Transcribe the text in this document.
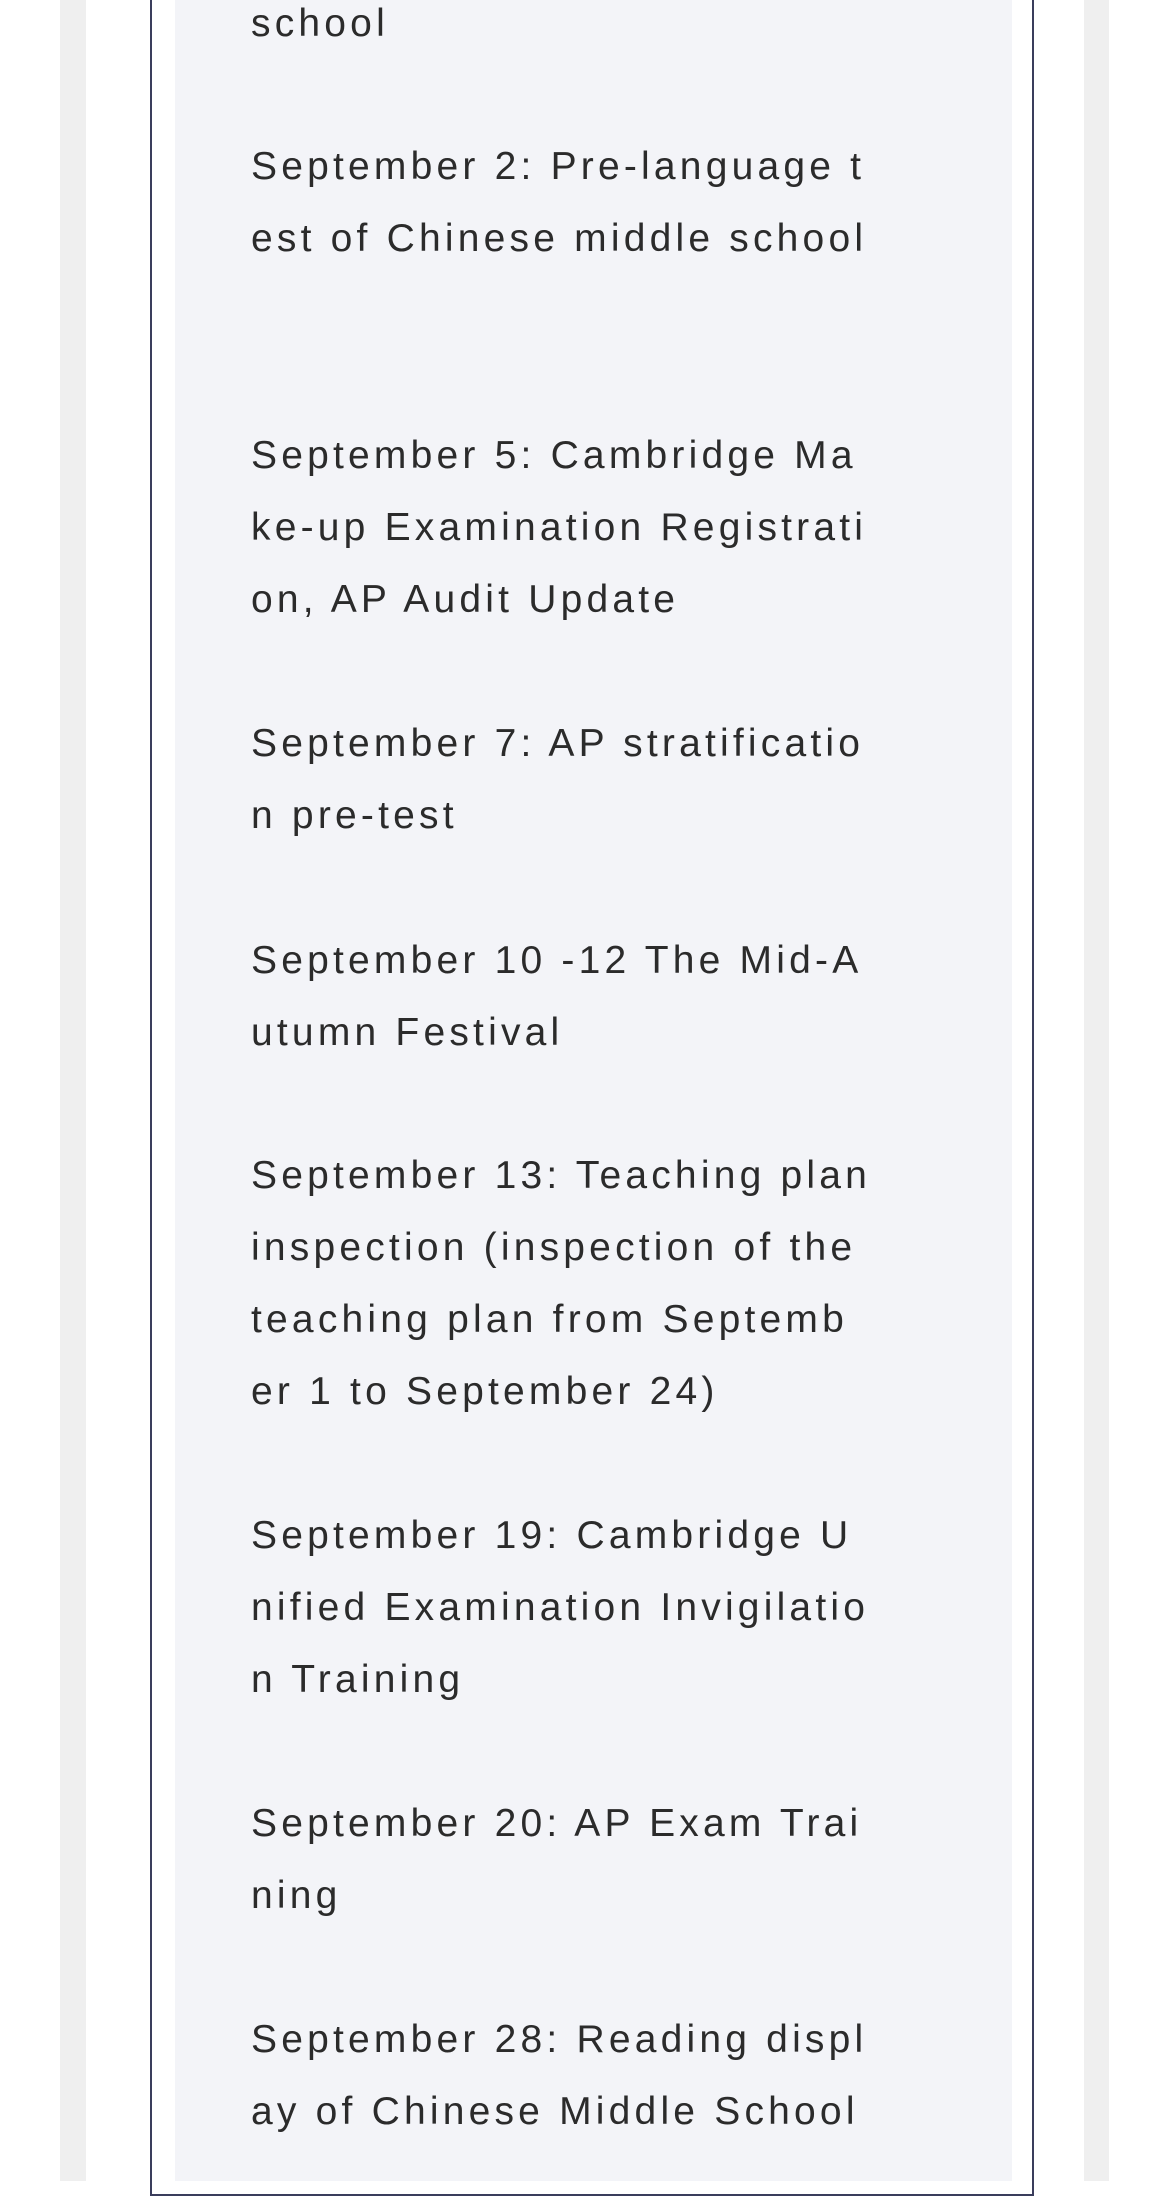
school

September 2: Pre-language t

est of Chinese middle school

September 5: Cambridge Ma

ke-up Examination Registrati

on, AP Audit Update

September 7: AP stratificatio

n pre-test

September 10 -12 The Mid-A

utumn Festival

September 13: Teaching plan

inspection (inspection of the

teaching plan from Septemb

er 1 to September 24)

September 19: Cambridge U

nified Examination Invigilatio

n Training

September 20: AP Exam Trai

ning

September 28: Reading displ

ay of Chinese Middle School
